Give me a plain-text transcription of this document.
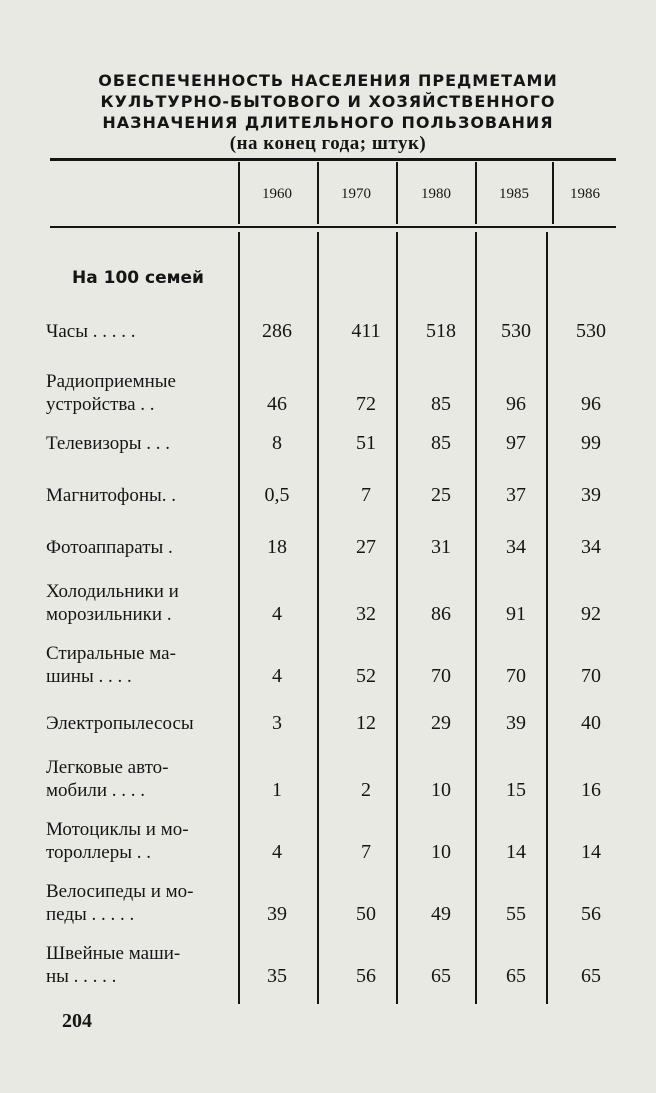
ОБЕСПЕЧЕННОСТЬ НАСЕЛЕНИЯ ПРЕДМЕТАМИ
КУЛЬТУРНО-БЫТОВОГО И ХОЗЯЙСТВЕННОГО
НАЗНАЧЕНИЯ ДЛИТЕЛЬНОГО ПОЛЬЗОВАНИЯ
(на конец года; штук)
1960	1970	1980	1985	1986
На 100 семей
Часы . . . . .	286	411	518	530	530
Радиоприемные
устройства . .	46	72	85	96	96
Телевизоры . . .	8	51	85	97	99
Магнитофоны. .	0,5	7	25	37	39
Фотоаппараты .	18	27	31	34	34
Холодильники и
морозильники .	4	32	86	91	92
Стиральные ма-
шины . . . .	4	52	70	70	70
Электропылесосы	3	12	29	39	40
Легковые авто-
мобили . . . .	1	2	10	15	16
Мотоциклы и мо-
тороллеры . .	4	7	10	14	14
Велосипеды и мо-
педы . . . . .	39	50	49	55	56
Швейные маши-
ны . . . . .	35	56	65	65	65
204
